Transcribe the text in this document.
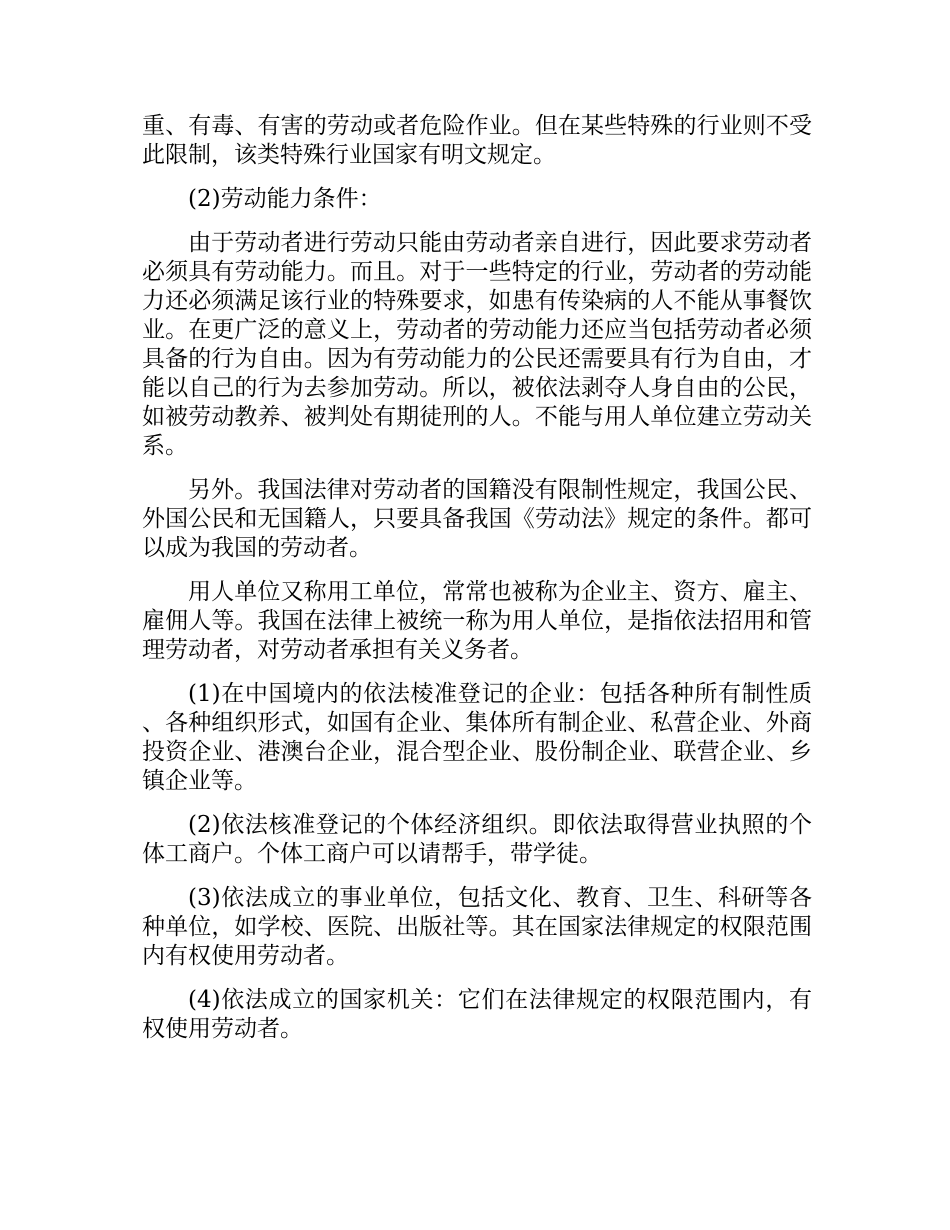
重、有毒、有害的劳动或者危险作业。但在某些特殊的行业则不受此限制，该类特殊行业国家有明文规定。

(2)劳动能力条件：

由于劳动者进行劳动只能由劳动者亲自进行，因此要求劳动者必须具有劳动能力。而且。对于一些特定的行业，劳动者的劳动能力还必须满足该行业的特殊要求，如患有传染病的人不能从事餐饮业。在更广泛的意义上，劳动者的劳动能力还应当包括劳动者必须具备的行为自由。因为有劳动能力的公民还需要具有行为自由，才能以自己的行为去参加劳动。所以，被依法剥夺人身自由的公民，如被劳动教养、被判处有期徒刑的人。不能与用人单位建立劳动关系。

另外。我国法律对劳动者的国籍没有限制性规定，我国公民、外国公民和无国籍人，只要具备我国《劳动法》规定的条件。都可以成为我国的劳动者。

用人单位又称用工单位，常常也被称为企业主、资方、雇主、雇佣人等。我国在法律上被统一称为用人单位，是指依法招用和管理劳动者，对劳动者承担有关义务者。

(1)在中国境内的依法棱准登记的企业：包括各种所有制性质、各种组织形式，如国有企业、集体所有制企业、私营企业、外商投资企业、港澳台企业，混合型企业、股份制企业、联营企业、乡镇企业等。

(2)依法核准登记的个体经济组织。即依法取得营业执照的个体工商户。个体工商户可以请帮手，带学徒。

(3)依法成立的事业单位，包括文化、教育、卫生、科研等各种单位，如学校、医院、出版社等。其在国家法律规定的权限范围内有权使用劳动者。

(4)依法成立的国家机关：它们在法律规定的权限范围内，有权使用劳动者。
